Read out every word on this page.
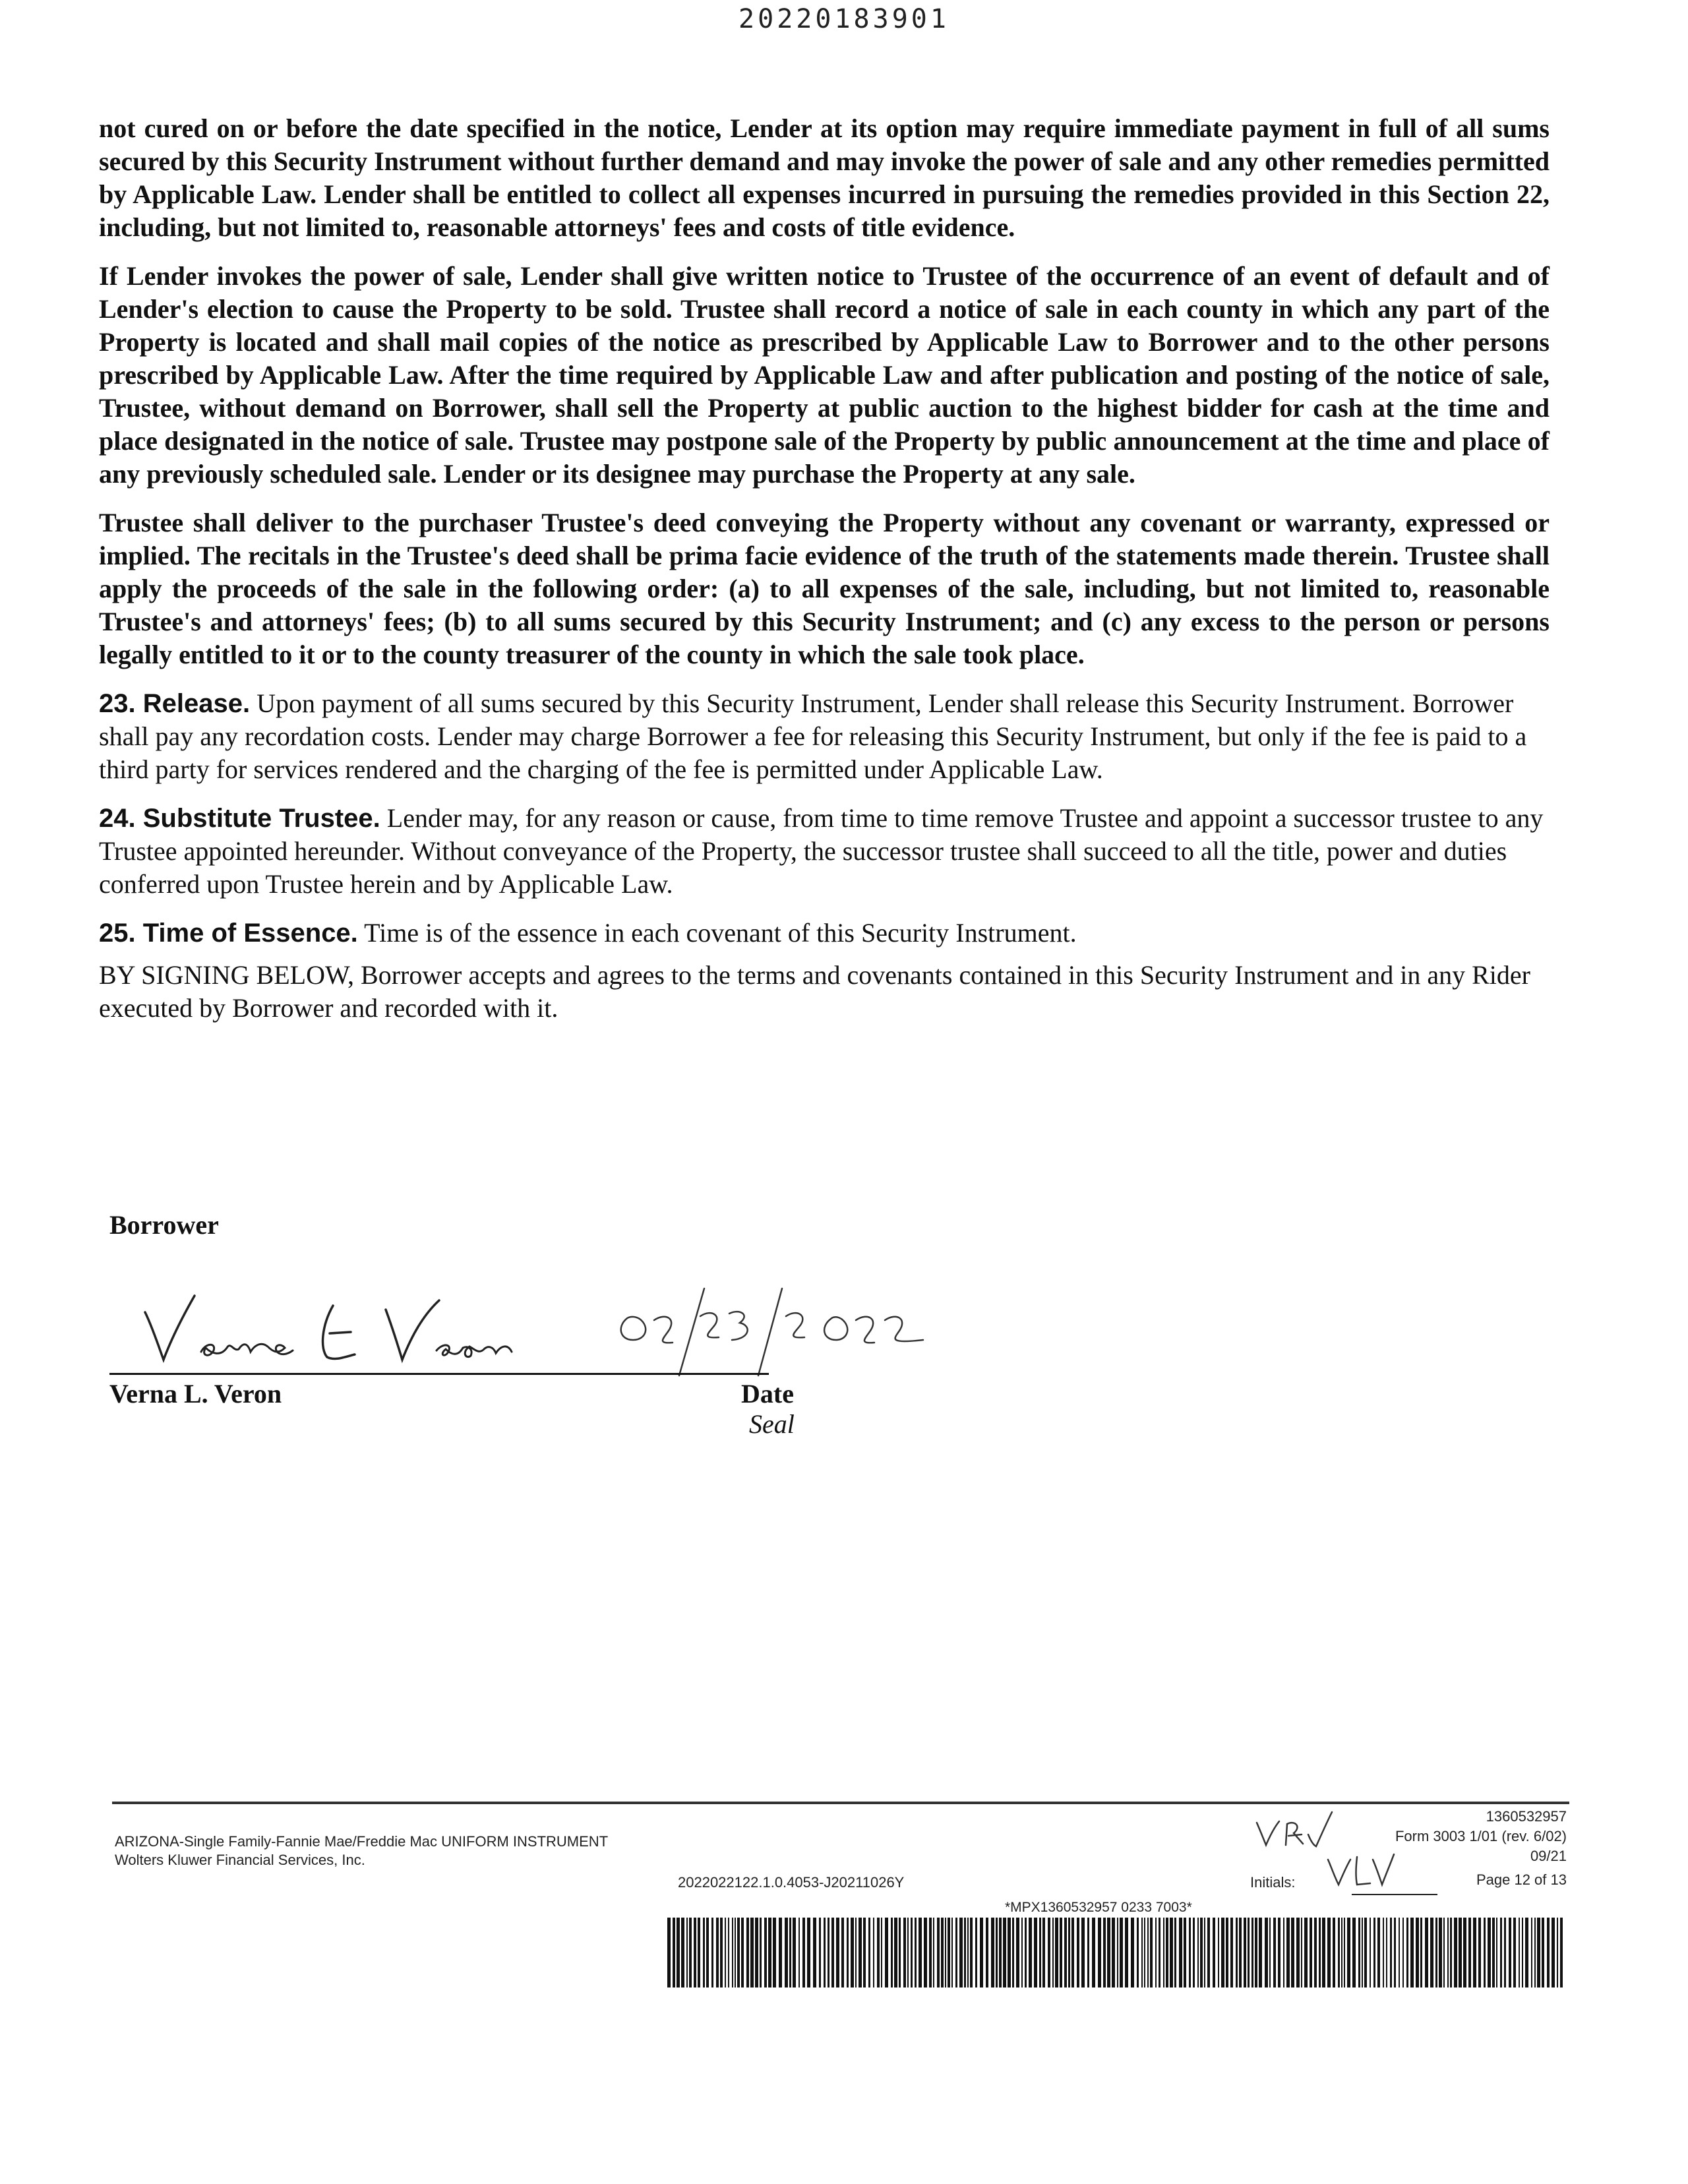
20220183901

not cured on or before the date specified in the notice, Lender at its option may require immediate payment in full of all sums secured by this Security Instrument without further demand and may invoke the power of sale and any other remedies permitted by Applicable Law. Lender shall be entitled to collect all expenses incurred in pursuing the remedies provided in this Section 22, including, but not limited to, reasonable attorneys' fees and costs of title evidence.

If Lender invokes the power of sale, Lender shall give written notice to Trustee of the occurrence of an event of default and of Lender's election to cause the Property to be sold. Trustee shall record a notice of sale in each county in which any part of the Property is located and shall mail copies of the notice as prescribed by Applicable Law to Borrower and to the other persons prescribed by Applicable Law. After the time required by Applicable Law and after publication and posting of the notice of sale, Trustee, without demand on Borrower, shall sell the Property at public auction to the highest bidder for cash at the time and place designated in the notice of sale. Trustee may postpone sale of the Property by public announcement at the time and place of any previously scheduled sale. Lender or its designee may purchase the Property at any sale.

Trustee shall deliver to the purchaser Trustee's deed conveying the Property without any covenant or warranty, expressed or implied. The recitals in the Trustee's deed shall be prima facie evidence of the truth of the statements made therein. Trustee shall apply the proceeds of the sale in the following order: (a) to all expenses of the sale, including, but not limited to, reasonable Trustee's and attorneys' fees; (b) to all sums secured by this Security Instrument; and (c) any excess to the person or persons legally entitled to it or to the county treasurer of the county in which the sale took place.

23. Release. Upon payment of all sums secured by this Security Instrument, Lender shall release this Security Instrument. Borrower shall pay any recordation costs. Lender may charge Borrower a fee for releasing this Security Instrument, but only if the fee is paid to a third party for services rendered and the charging of the fee is permitted under Applicable Law.

24. Substitute Trustee. Lender may, for any reason or cause, from time to time remove Trustee and appoint a successor trustee to any Trustee appointed hereunder. Without conveyance of the Property, the successor trustee shall succeed to all the title, power and duties conferred upon Trustee herein and by Applicable Law.

25. Time of Essence. Time is of the essence in each covenant of this Security Instrument.

BY SIGNING BELOW, Borrower accepts and agrees to the terms and covenants contained in this Security Instrument and in any Rider executed by Borrower and recorded with it.

Borrower
Verna L. Veron	Date
Seal
ARIZONA-Single Family-Fannie Mae/Freddie Mac UNIFORM INSTRUMENT
Wolters Kluwer Financial Services, Inc.
2022022122.1.0.4053-J20211026Y
1360532957
Form 3003 1/01 (rev. 6/02)
09/21
Page 12 of 13
Initials:
*MPX1360532957 0233 7003*
